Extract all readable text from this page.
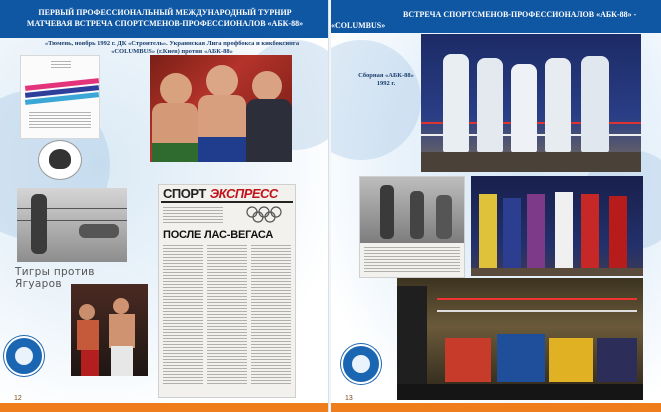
ПЕРВЫЙ ПРОФЕССИОНАЛЬНЫЙ МЕЖДУНАРОДНЫЙ ТУРНИР
МАТЧЕВАЯ ВСТРЕЧА СПОРТСМЕНОВ-ПРОФЕССИОНАЛОВ «АБК-88»
«Тюмень, ноябрь 1992 г. ДК «Строитель». Украинская Лига профбокса и кикбоксинга
«COLUMBUS» (г.Киев) против «АБК-88»
Тигры против Ягуаров
СПОРТ ЭКСПРЕСС
ПОСЛЕ ЛАС-ВЕГАСА
12
ВСТРЕЧА СПОРТСМЕНОВ-ПРОФЕССИОНАЛОВ «АБК-88» - «COLUMBUS»
Сборная «АБК-88»
1992 г.
13
